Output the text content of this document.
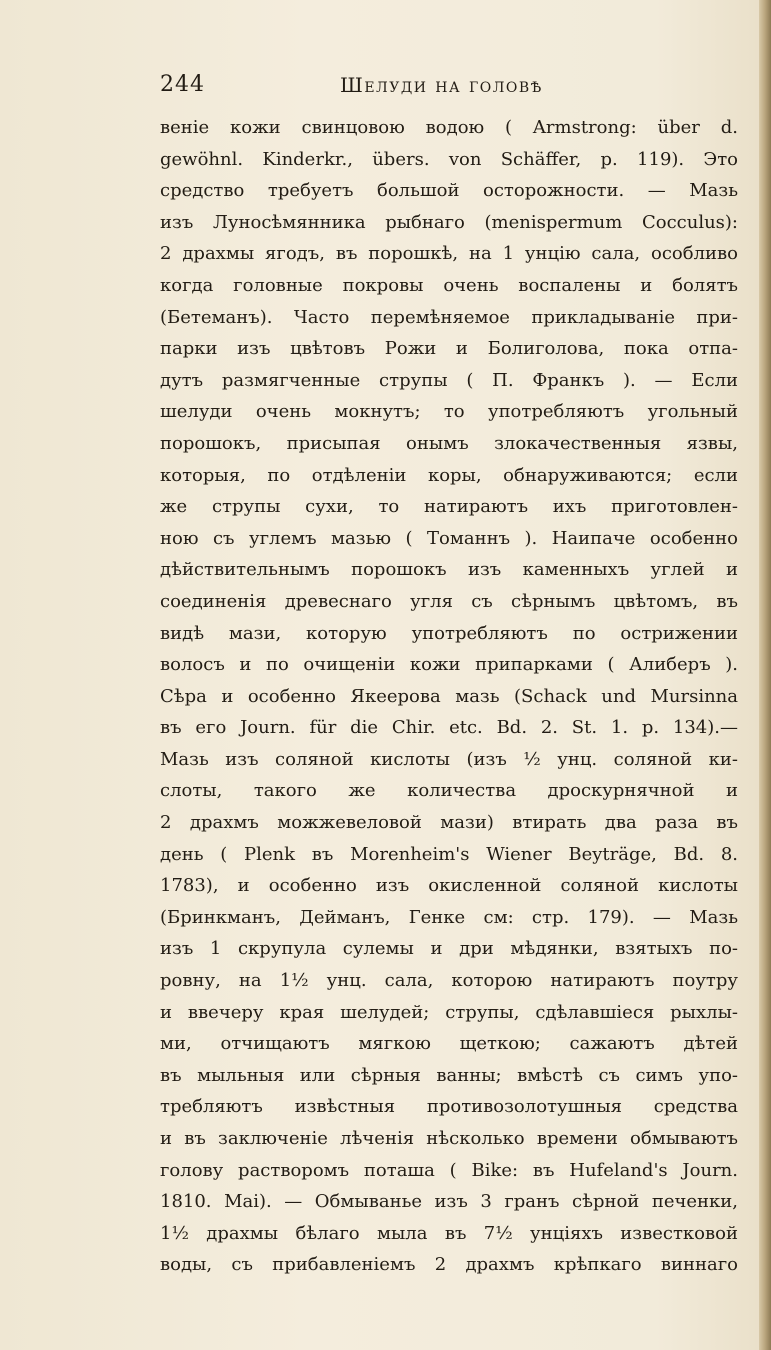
244	Шелуди на головѣ
веніе кожи свинцовою водою ( Armstrong: über d.
gewöhnl. Kinderkr., übers. von Schäffer, p. 119). Это
средство требуетъ большой осторожности. — Мазь
изъ Луносѣмянника рыбнаго (menispermum Cocculus):
2 драхмы ягодъ, въ порошкѣ, на 1 унцію сала, особливо
когда головные покровы очень воспалены и болятъ
(Бетеманъ). Часто перемѣняемое прикладываніе при-
парки изъ цвѣтовъ Рожи и Болиголова, пока отпа-
дутъ размягченные струпы ( П. Франкъ ). — Если
шелуди очень мокнутъ; то употребляютъ угольный
порошокъ, присыпая онымъ злокачественныя язвы,
которыя, по отдѣленіи коры, обнаруживаются; если
же струпы сухи, то натираютъ ихъ приготовлен-
ною съ углемъ мазью ( Томаннъ ). Наипаче особенно
дѣйствительнымъ порошокъ изъ каменныхъ углей и
соединенія древеснаго угля съ сѣрнымъ цвѣтомъ, въ
видѣ мази, которую употребляютъ по острижении
волосъ и по очищеніи кожи припарками ( Алиберъ ).
Сѣра и особенно Якеерова мазь (Schack und Mursinna
въ его Journ. für die Chir. etc. Bd. 2. St. 1. p. 134).—
Мазь изъ соляной кислоты (изъ ½ унц. соляной ки-
слоты, такого же количества дроскурнячной и
2 драхмъ можжевеловой мази) втирать два раза въ
день ( Plenk въ Morenheim's Wiener Beyträge, Bd. 8.
1783), и особенно изъ окисленной соляной кислоты
(Бринкманъ, Дейманъ, Генке см: стр. 179). — Мазь
изъ 1 скрупула сулемы и дри мѣдянки, взятыхъ по-
ровну, на 1½ унц. сала, которою натираютъ поутру
и ввечеру края шелудей; струпы, сдѣлавшіеся рыхлы-
ми, отчищаютъ мягкою щеткою; сажаютъ дѣтей
въ мыльныя или сѣрныя ванны; вмѣстѣ съ симъ упо-
требляютъ извѣстныя противозолотушныя средства
и въ заключеніе лѣченія нѣсколько времени обмываютъ
голову растворомъ поташа ( Bike: въ Hufeland's Journ.
1810. Mai). — Обмыванье изъ 3 гранъ сѣрной печенки,
1½ драхмы бѣлаго мыла въ 7½ унціяхъ известковой
воды, съ прибавленіемъ 2 драхмъ крѣпкаго виннаго
